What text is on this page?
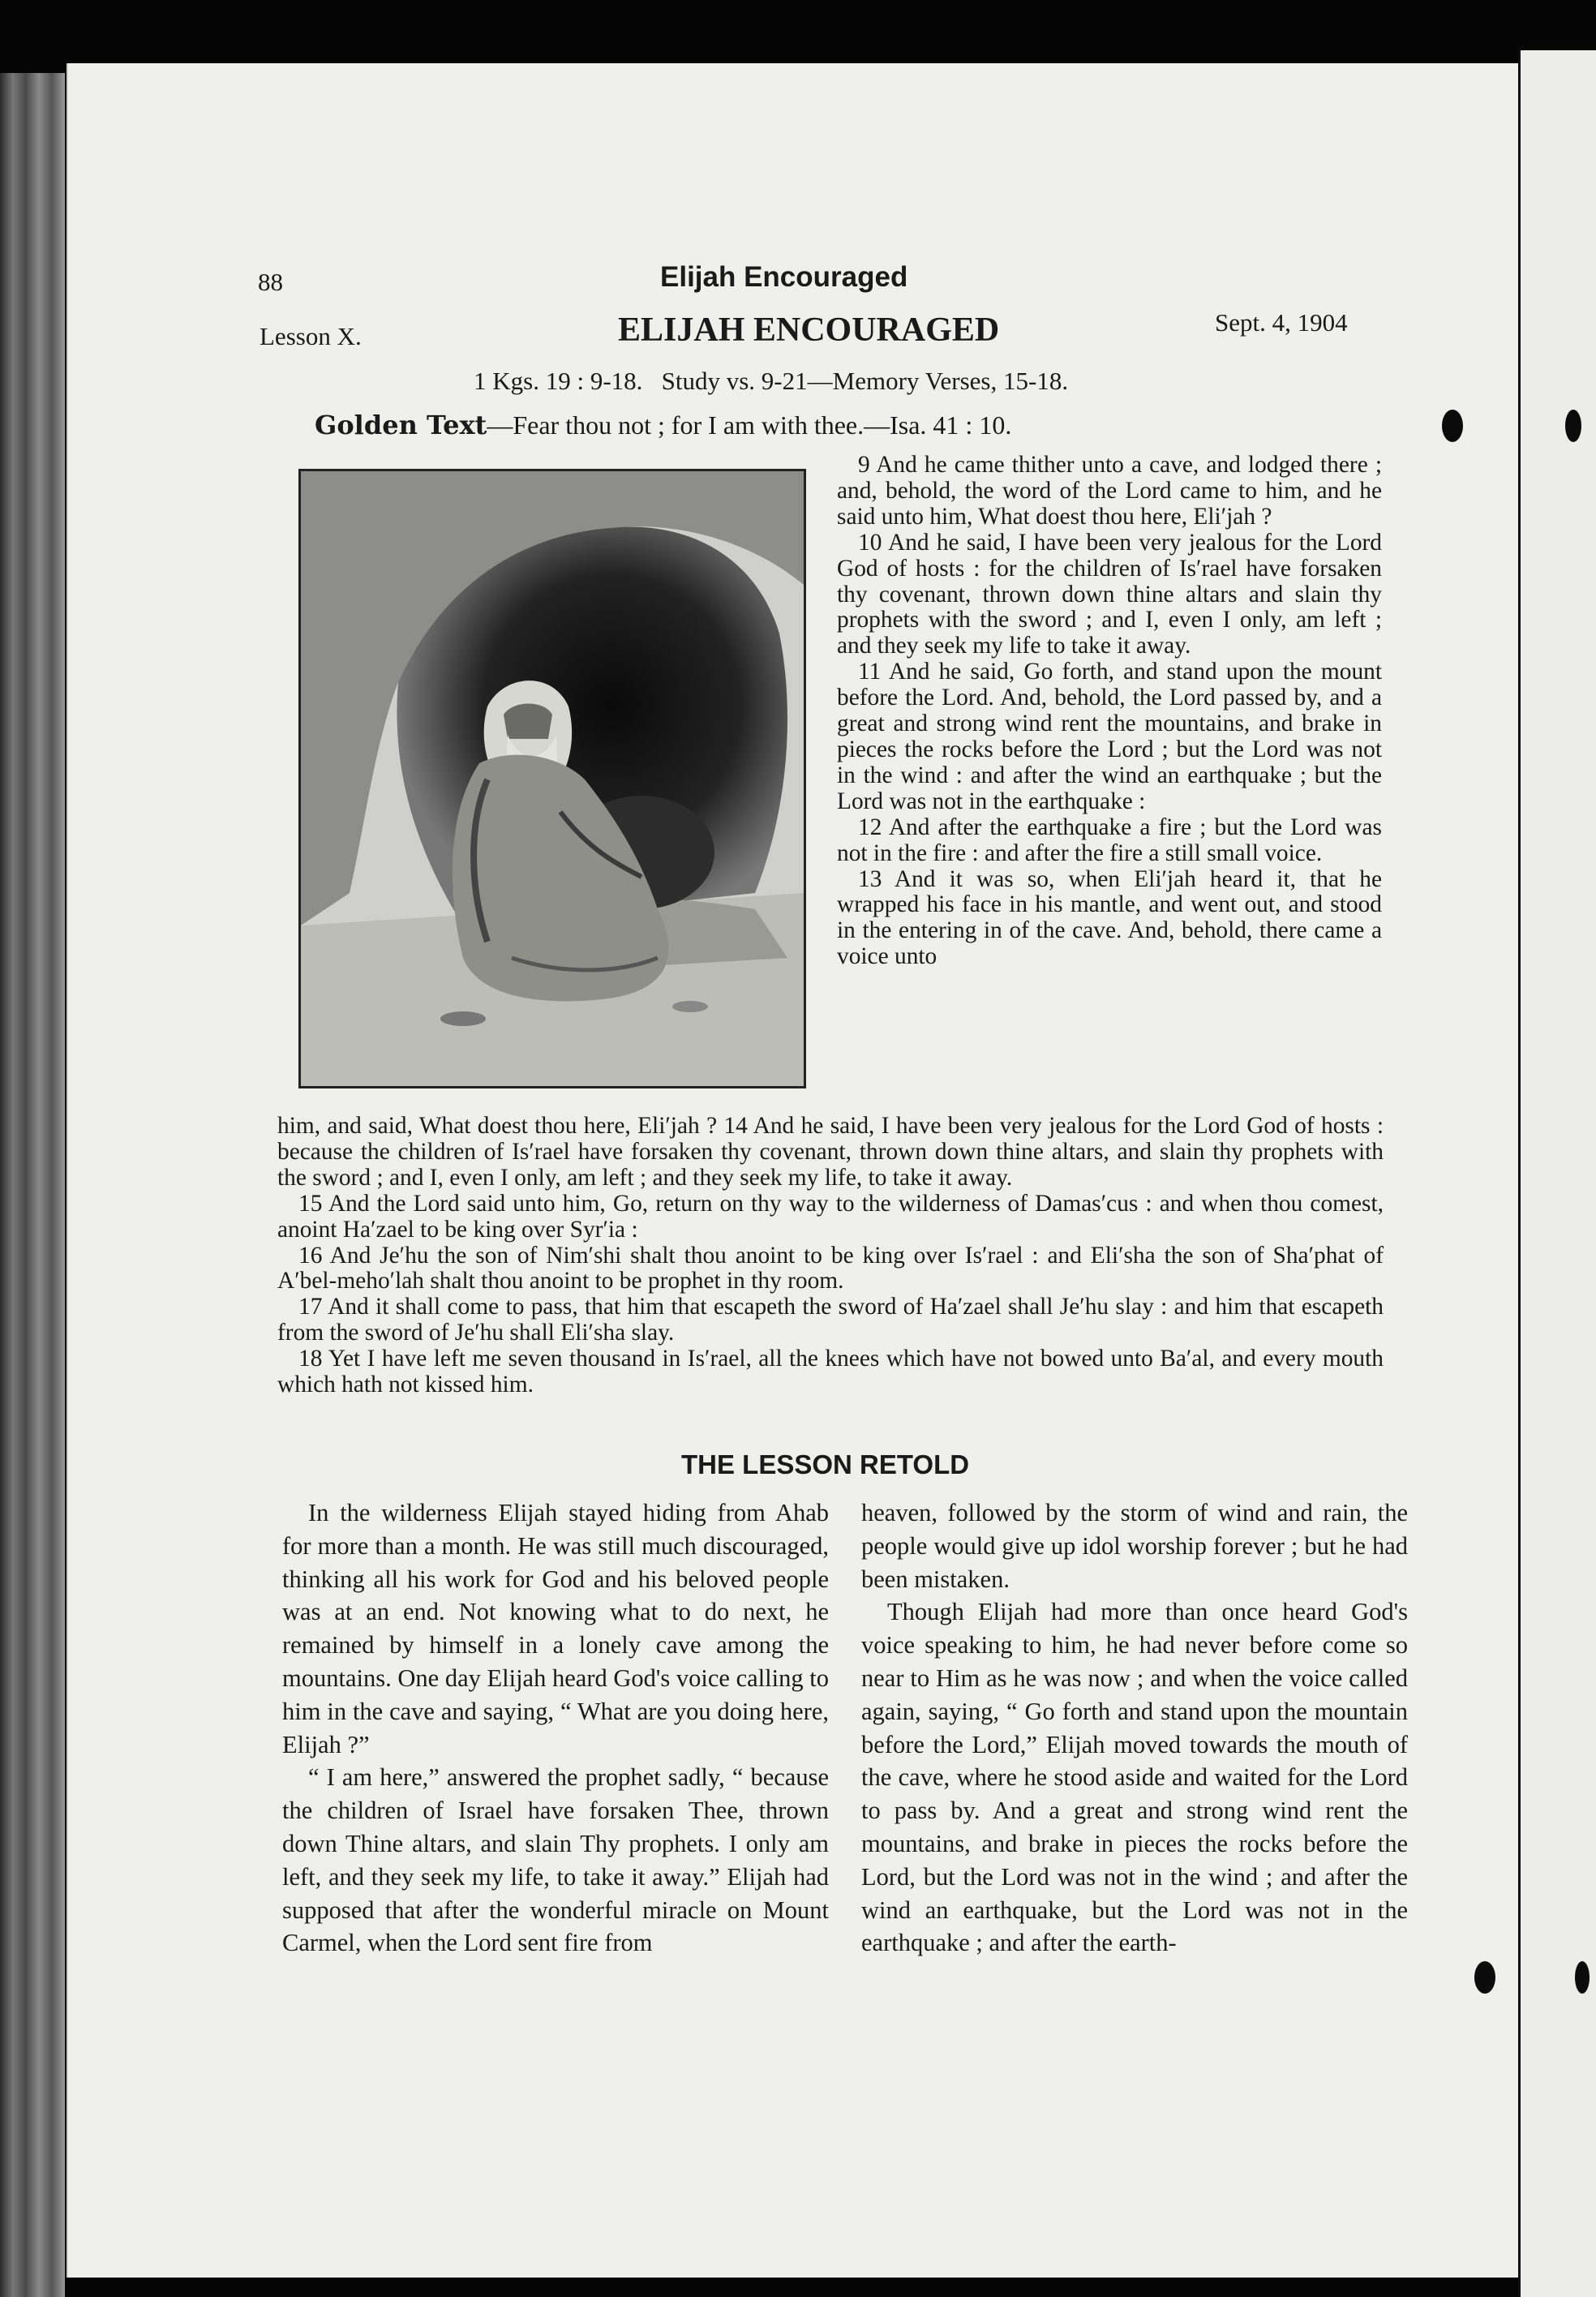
88	Elijah Encouraged
Lesson X.	ELIJAH ENCOURAGED	Sept. 4, 1904
1 Kgs. 19 : 9-18.   Study vs. 9-21—Memory Verses, 15-18.
Golden Text—Fear thou not ; for I am with thee.—Isa. 41 : 10.

9 And he came thither unto a cave, and lodged there ; and, behold, the word of the Lord came to him, and he said unto him, What doest thou here, Eli′jah ?

10 And he said, I have been very jealous for the Lord God of hosts : for the children of Is′rael have forsaken thy covenant, thrown down thine altars and slain thy prophets with the sword ; and I, even I only, am left ; and they seek my life to take it away.

11 And he said, Go forth, and stand upon the mount before the Lord. And, behold, the Lord passed by, and a great and strong wind rent the mountains, and brake in pieces the rocks before the Lord ; but the Lord was not in the wind : and after the wind an earthquake ; but the Lord was not in the earthquake :

12 And after the earthquake a fire ; but the Lord was not in the fire : and after the fire a still small voice.

13 And it was so, when Eli′jah heard it, that he wrapped his face in his mantle, and went out, and stood in the entering in of the cave. And, behold, there came a voice unto

him, and said, What doest thou here, Eli′jah ? 14 And he said, I have been very jealous for the Lord God of hosts : because the children of Is′rael have forsaken thy covenant, thrown down thine altars, and slain thy prophets with the sword ; and I, even I only, am left ; and they seek my life, to take it away.

15 And the Lord said unto him, Go, return on thy way to the wilderness of Damas′cus : and when thou comest, anoint Ha′zael to be king over Syr′ia :

16 And Je′hu the son of Nim′shi shalt thou anoint to be king over Is′rael : and Eli′sha the son of Sha′phat of A′bel-meho′lah shalt thou anoint to be prophet in thy room.

17 And it shall come to pass, that him that escapeth the sword of Ha′zael shall Je′hu slay : and him that escapeth from the sword of Je′hu shall Eli′sha slay.

18 Yet I have left me seven thousand in Is′rael, all the knees which have not bowed unto Ba′al, and every mouth which hath not kissed him.

THE LESSON RETOLD

In the wilderness Elijah stayed hiding from Ahab for more than a month. He was still much discouraged, thinking all his work for God and his beloved people was at an end. Not knowing what to do next, he remained by himself in a lonely cave among the mountains. One day Elijah heard God's voice calling to him in the cave and saying, “ What are you doing here, Elijah ?”

“ I am here,” answered the prophet sadly, “ because the children of Israel have forsaken Thee, thrown down Thine altars, and slain Thy prophets. I only am left, and they seek my life, to take it away.” Elijah had supposed that after the wonderful miracle on Mount Carmel, when the Lord sent fire from

heaven, followed by the storm of wind and rain, the people would give up idol worship forever ; but he had been mistaken.

Though Elijah had more than once heard God's voice speaking to him, he had never before come so near to Him as he was now ; and when the voice called again, saying, “ Go forth and stand upon the mountain before the Lord,” Elijah moved towards the mouth of the cave, where he stood aside and waited for the Lord to pass by. And a great and strong wind rent the mountains, and brake in pieces the rocks before the Lord, but the Lord was not in the wind ; and after the wind an earthquake, but the Lord was not in the earthquake ; and after the earth-
